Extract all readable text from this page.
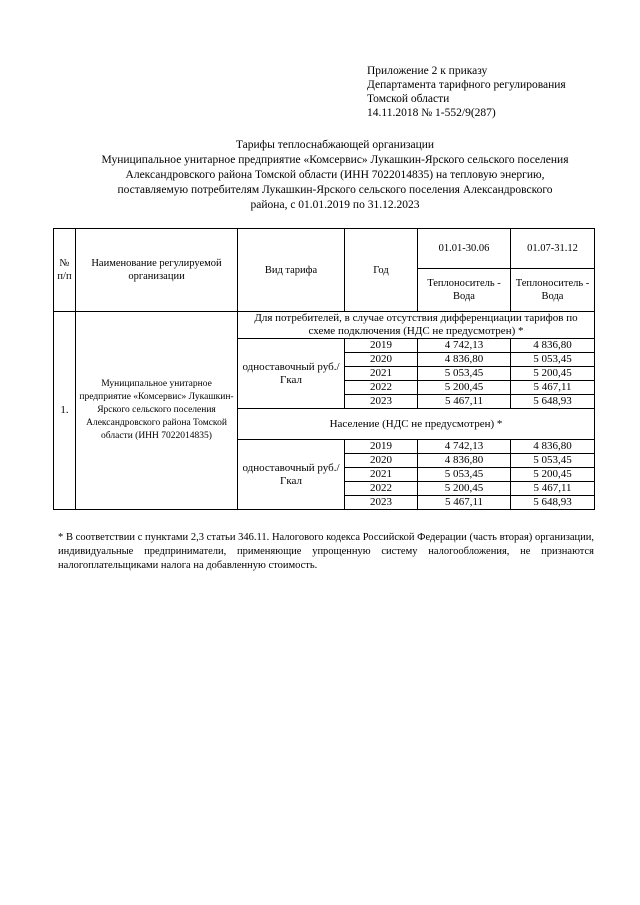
Приложение 2 к приказу
Департамента тарифного регулирования
Томской области
14.11.2018 № 1-552/9(287)
Тарифы теплоснабжающей организации
Муниципальное унитарное предприятие «Комсервис» Лукашкин-Ярского сельского поселения
Александровского района Томской области (ИНН 7022014835) на тепловую энергию,
поставляемую потребителям Лукашкин-Ярского сельского поселения Александровского
района, с 01.01.2019 по 31.12.2023
№ п/п	Наименование регулируемой организации	Вид тарифа	Год	01.01-30.06	01.07-31.12
				Теплоноситель - Вода	Теплоноситель - Вода
1.	Муниципальное унитарное предприятие «Комсервис» Лукашкин-Ярского сельского поселения Александровского района Томской области (ИНН 7022014835)	Для потребителей, в случае отсутствия дифференциации тарифов по схеме подключения (НДС не предусмотрен) *			
		одноставочный руб./Гкал	2019	4 742,13	4 836,80
			2020	4 836,80	5 053,45
			2021	5 053,45	5 200,45
			2022	5 200,45	5 467,11
			2023	5 467,11	5 648,93
		Население (НДС не предусмотрен) *			
		одноставочный руб./Гкал	2019	4 742,13	4 836,80
			2020	4 836,80	5 053,45
			2021	5 053,45	5 200,45
			2022	5 200,45	5 467,11
			2023	5 467,11	5 648,93
* В соответствии с пунктами 2,3 статьи 346.11. Налогового кодекса Российской Федерации (часть вторая) организации, индивидуальные предприниматели, применяющие упрощенную систему налогообложения, не признаются налогоплательщиками налога на добавленную стоимость.
